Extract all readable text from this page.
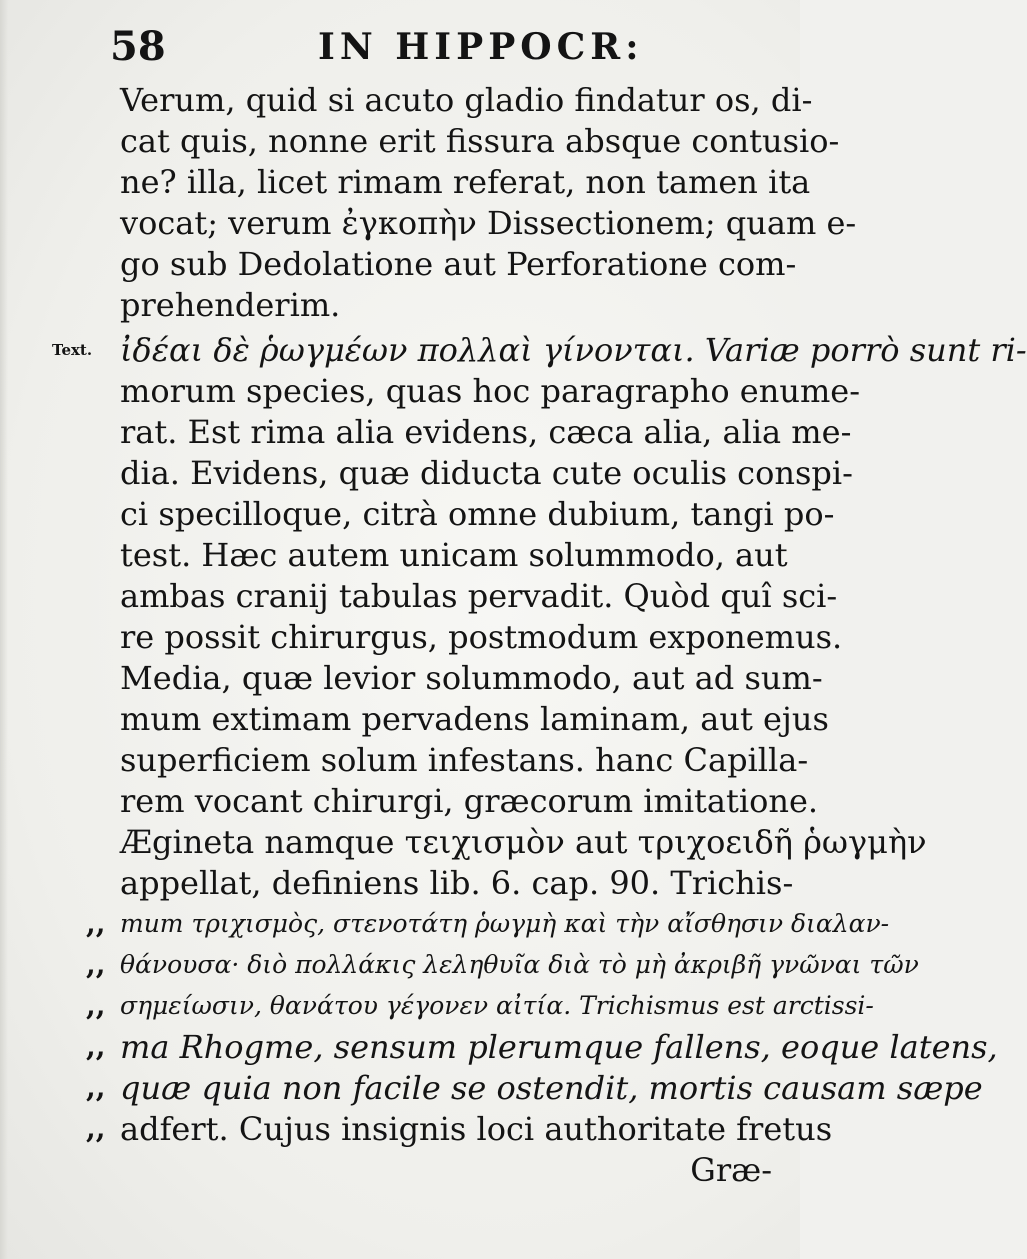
58	IN HIPPOCR:
Verum, quid si acuto gladio findatur os, di-
cat quis, nonne erit fissura absque contusio-
ne? illa, licet rimam referat, non tamen ita
vocat; verum ἐγκοπὴν Dissectionem; quam e-
go sub Dedolatione aut Perforatione com-
prehenderim.
Text. ἰδέαι δὲ ῥωγμέων πολλαὶ γίνονται. Variæ porrò sunt ri-
morum species, quas hoc paragrapho enume-
rat. Est rima alia evidens, cæca alia, alia me-
dia. Evidens, quæ diducta cute oculis conspi-
ci specilloque, citrà omne dubium, tangi po-
test. Hæc autem unicam solummodo, aut
ambas cranij tabulas pervadit. Quòd quî sci-
re possit chirurgus, postmodum exponemus.
Media, quæ levior solummodo, aut ad sum-
mum extimam pervadens laminam, aut ejus
superficiem solum infestans. hanc Capilla-
rem vocant chirurgi, græcorum imitatione.
Ægineta namque τειχισμὸν aut τριχοειδῆ ῥωγμὴν
appellat, definiens lib. 6. cap. 90. Trichis-
,, mum τριχισμὸς, στενοτάτη ῥωγμὴ καὶ τὴν αἴσθησιν διαλαν-
,, θάνουσα· διὸ πολλάκις λεληθυῖα διὰ τὸ μὴ ἀκριβῆ γνῶναι τῶν
,, σημείωσιν, θανάτου γέγονεν αἰτία. Trichismus est arctissi-
,, ma Rhogme, sensum plerumque fallens, eoque latens,
,, quæ quia non facile se ostendit, mortis causam sæpe
,, adfert. Cujus insignis loci authoritate fretus
Græ-
